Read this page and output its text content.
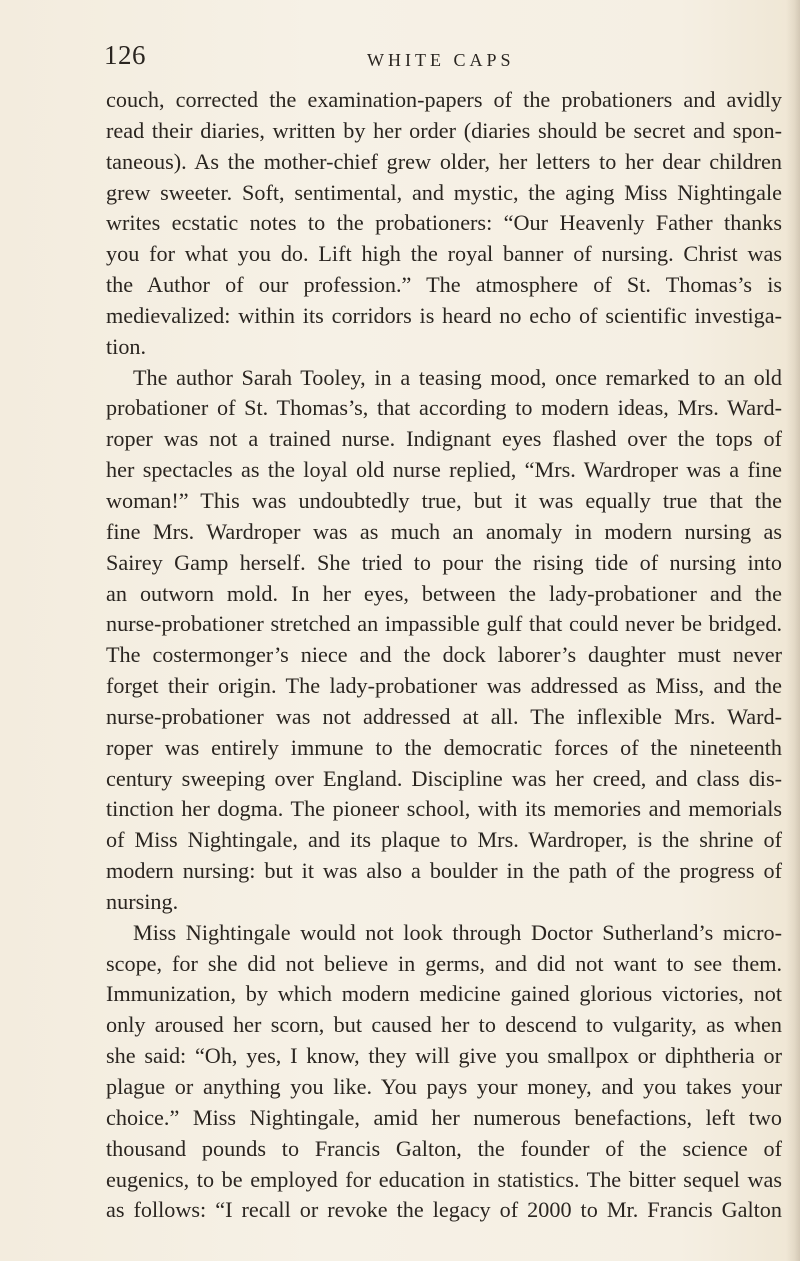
126	WHITE CAPS
couch, corrected the examination-papers of the probationers and avidly
read their diaries, written by her order (diaries should be secret and spon-
taneous). As the mother-chief grew older, her letters to her dear children
grew sweeter. Soft, sentimental, and mystic, the aging Miss Nightingale
writes ecstatic notes to the probationers: “Our Heavenly Father thanks
you for what you do. Lift high the royal banner of nursing. Christ was
the Author of our profession.” The atmosphere of St. Thomas’s is
medievalized: within its corridors is heard no echo of scientific investiga-
tion.
The author Sarah Tooley, in a teasing mood, once remarked to an old
probationer of St. Thomas’s, that according to modern ideas, Mrs. Ward-
roper was not a trained nurse. Indignant eyes flashed over the tops of
her spectacles as the loyal old nurse replied, “Mrs. Wardroper was a fine
woman!” This was undoubtedly true, but it was equally true that the
fine Mrs. Wardroper was as much an anomaly in modern nursing as
Sairey Gamp herself. She tried to pour the rising tide of nursing into
an outworn mold. In her eyes, between the lady-probationer and the
nurse-probationer stretched an impassible gulf that could never be bridged.
The costermonger’s niece and the dock laborer’s daughter must never
forget their origin. The lady-probationer was addressed as Miss, and the
nurse-probationer was not addressed at all. The inflexible Mrs. Ward-
roper was entirely immune to the democratic forces of the nineteenth
century sweeping over England. Discipline was her creed, and class dis-
tinction her dogma. The pioneer school, with its memories and memorials
of Miss Nightingale, and its plaque to Mrs. Wardroper, is the shrine of
modern nursing: but it was also a boulder in the path of the progress of
nursing.
Miss Nightingale would not look through Doctor Sutherland’s micro-
scope, for she did not believe in germs, and did not want to see them.
Immunization, by which modern medicine gained glorious victories, not
only aroused her scorn, but caused her to descend to vulgarity, as when
she said: “Oh, yes, I know, they will give you smallpox or diphtheria or
plague or anything you like. You pays your money, and you takes your
choice.” Miss Nightingale, amid her numerous benefactions, left two
thousand pounds to Francis Galton, the founder of the science of
eugenics, to be employed for education in statistics. The bitter sequel was
as follows: “I recall or revoke the legacy of 2000 to Mr. Francis Galton
